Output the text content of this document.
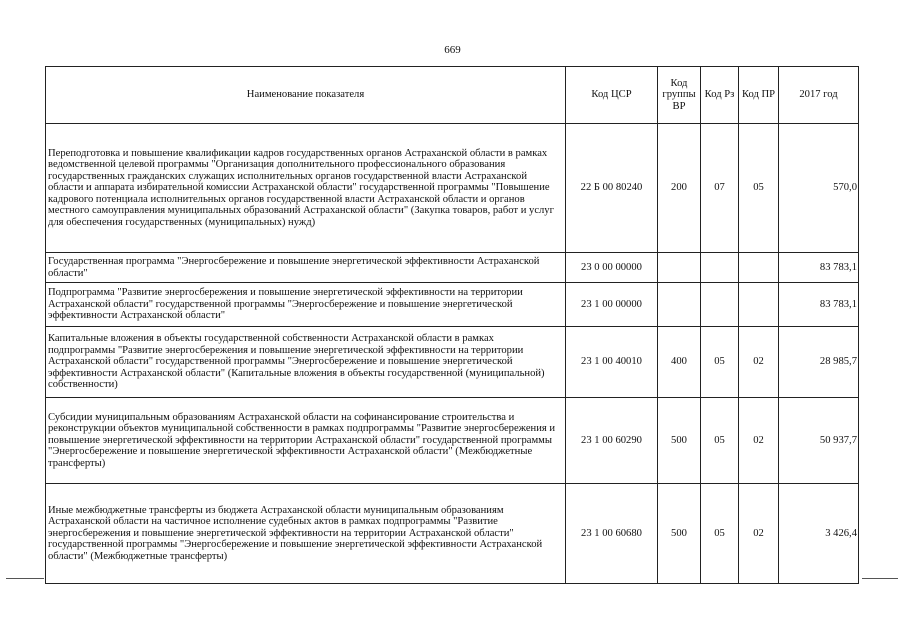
669
Наименование показателя	Код ЦСР	Код группы ВР	Код Рз	Код ПР	2017 год
Переподготовка и повышение квалификации кадров государственных органов Астраханской области в рамках ведомственной целевой программы "Организация дополнительного профессионального образования государственных гражданских служащих исполнительных органов государственной власти Астраханской области и аппарата избирательной комиссии Астраханской области" государственной программы "Повышение кадрового потенциала исполнительных органов государственной власти Астраханской области и органов местного самоуправления муниципальных образований Астраханской области" (Закупка товаров, работ и услуг для обеспечения государственных (муниципальных) нужд)	22 Б 00 80240	200	07	05	570,0
Государственная программа "Энергосбережение и повышение энергетической эффективности Астраханской области"	23 0 00 00000				83 783,1
Подпрограмма "Развитие энергосбережения и повышение энергетической эффективности на территории Астраханской области" государственной программы "Энергосбережение и повышение энергетической эффективности Астраханской области"	23 1 00 00000				83 783,1
Капитальные вложения в объекты государственной собственности Астраханской области в рамках подпрограммы "Развитие энергосбережения и повышение энергетической эффективности на территории Астраханской области" государственной программы "Энергосбережение и повышение энергетической эффективности Астраханской области" (Капитальные вложения в объекты государственной (муниципальной) собственности)	23 1 00 40010	400	05	02	28 985,7
Субсидии муниципальным образованиям Астраханской области на софинансирование строительства и реконструкции объектов муниципальной собственности в рамках подпрограммы "Развитие энергосбережения и повышение энергетической эффективности на территории Астраханской области" государственной программы "Энергосбережение и повышение энергетической эффективности Астраханской области" (Межбюджетные трансферты)	23 1 00 60290	500	05	02	50 937,7
Иные межбюджетные трансферты из бюджета Астраханской области муниципальным образованиям Астраханской области на частичное исполнение судебных актов в рамках подпрограммы "Развитие энергосбережения и повышение энергетической эффективности на территории Астраханской области" государственной программы "Энергосбережение и повышение энергетической эффективности Астраханской области" (Межбюджетные трансферты)	23 1 00 60680	500	05	02	3 426,4
